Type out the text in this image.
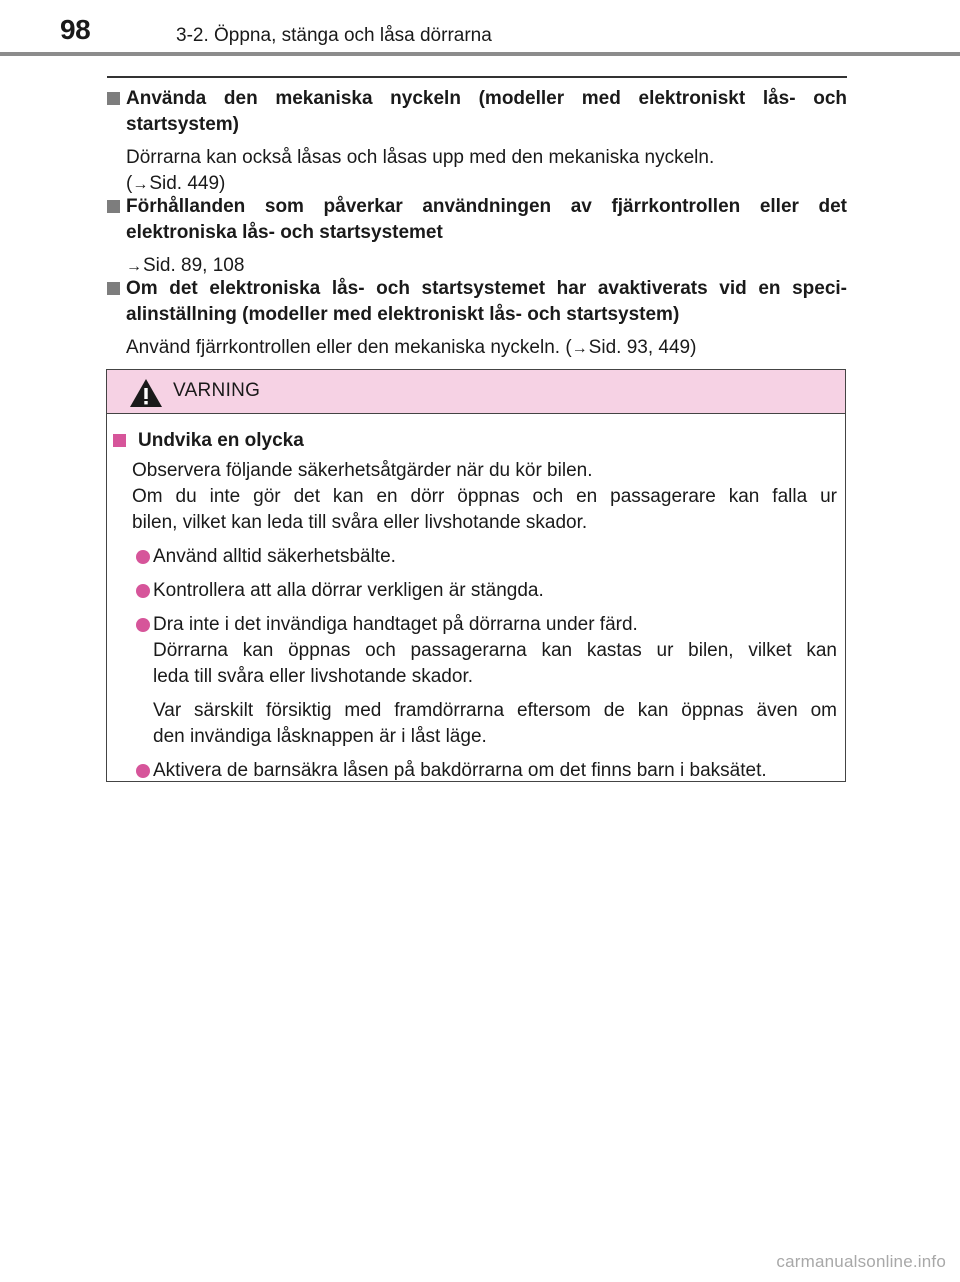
98	3-2. Öppna, stänga och låsa dörrarna
Använda den mekaniska nyckeln (modeller med elektroniskt lås- och startsystem)
Dörrarna kan också låsas och låsas upp med den mekaniska nyckeln.
(→Sid. 449)
Förhållanden som påverkar användningen av fjärrkontrollen eller det elektroniska lås- och startsystemet
→Sid. 89, 108
Om det elektroniska lås- och startsystemet har avaktiverats vid en speci-alinställning (modeller med elektroniskt lås- och startsystem)
Använd fjärrkontrollen eller den mekaniska nyckeln. (→Sid. 93, 449)
VARNING
Undvika en olycka
Observera följande säkerhetsåtgärder när du kör bilen.
Om du inte gör det kan en dörr öppnas och en passagerare kan falla ur
bilen, vilket kan leda till svåra eller livshotande skador.
Använd alltid säkerhetsbälte.
Kontrollera att alla dörrar verkligen är stängda.
Dra inte i det invändiga handtaget på dörrarna under färd.
Dörrarna kan öppnas och passagerarna kan kastas ur bilen, vilket kan
leda till svåra eller livshotande skador.
Var särskilt försiktig med framdörrarna eftersom de kan öppnas även om
den invändiga låsknappen är i låst läge.
Aktivera de barnsäkra låsen på bakdörrarna om det finns barn i baksätet.
carmanualsonline.info
